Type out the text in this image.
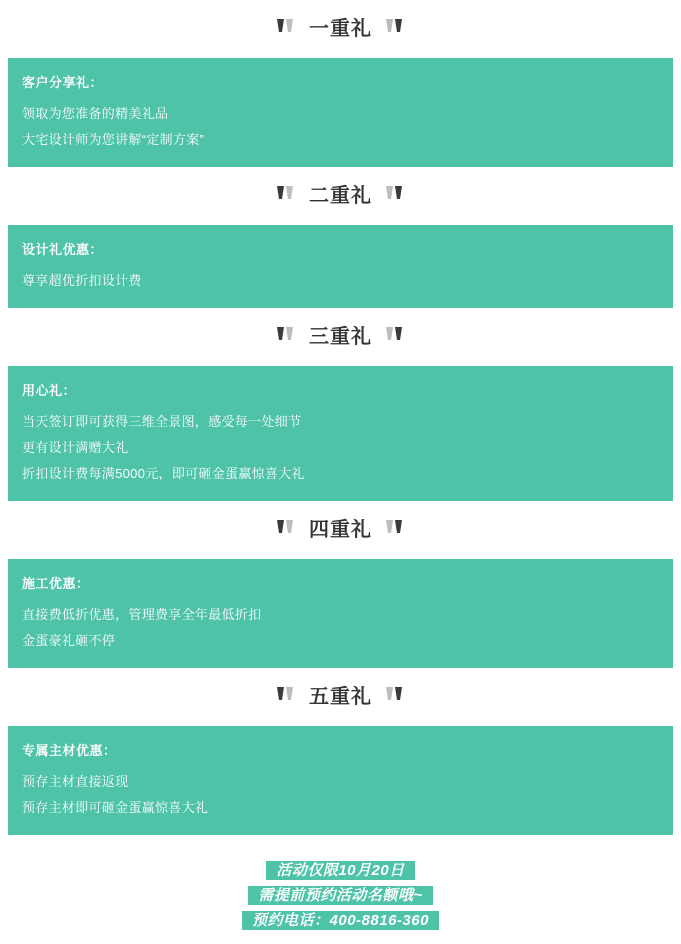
一重礼
客户分享礼：
领取为您准备的精美礼品
大宅设计师为您讲解“定制方案”
二重礼
设计礼优惠：
尊享超优折扣设计费
三重礼
用心礼：
当天签订即可获得三维全景图，感受每一处细节
更有设计满赠大礼
折扣设计费每满5000元，即可砸金蛋赢惊喜大礼
四重礼
施工优惠：
直接费低折优惠，管理费享全年最低折扣
金蛋豪礼砸不停
五重礼
专属主材优惠：
预存主材直接返现
预存主材即可砸金蛋赢惊喜大礼
活动仅限10月20日
需提前预约活动名额哦~
预约电话：400-8816-360
